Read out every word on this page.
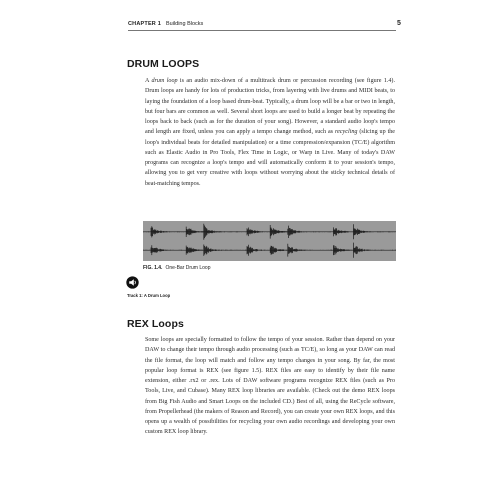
CHAPTER 1 Building Blocks	5
DRUM LOOPS

A drum loop is an audio mix-down of a multitrack drum or percussion recording (see figure 1.4). Drum loops are handy for lots of production tricks, from layering with live drums and MIDI beats, to laying the foundation of a loop based drum-beat. Typically, a drum loop will be a bar or two in length, but four bars are common as well. Several short loops are used to build a longer beat by repeating the loops back to back (such as for the duration of your song). However, a standard audio loop's tempo and length are fixed, unless you can apply a tempo change method, such as recycling (slicing up the loop's individual beats for detailed manipulation) or a time compression/expansion (TC/E) algorithm such as Elastic Audio in Pro Tools, Flex Time in Logic, or Warp in Live. Many of today's DAW programs can recognize a loop's tempo and will automatically conform it to your session's tempo, allowing you to get very creative with loops without worrying about the sticky technical details of beat-matching tempos.

FIG. 1.4. One-Bar Drum Loop
Track 1: A Drum Loop
REX Loops

Some loops are specially formatted to follow the tempo of your session. Rather than depend on your DAW to change their tempo through audio processing (such as TC/E), so long as your DAW can read the file format, the loop will match and follow any tempo changes in your song. By far, the most popular loop format is REX (see figure 1.5). REX files are easy to identify by their file name extension, either .rx2 or .rex. Lots of DAW software programs recognize REX files (such as Pro Tools, Live, and Cubase). Many REX loop libraries are available. (Check out the demo REX loops from Big Fish Audio and Smart Loops on the included CD.) Best of all, using the ReCycle software, from Propellerhead (the makers of Reason and Record), you can create your own REX loops, and this opens up a wealth of possibilities for recycling your own audio recordings and developing your own custom REX loop library.
